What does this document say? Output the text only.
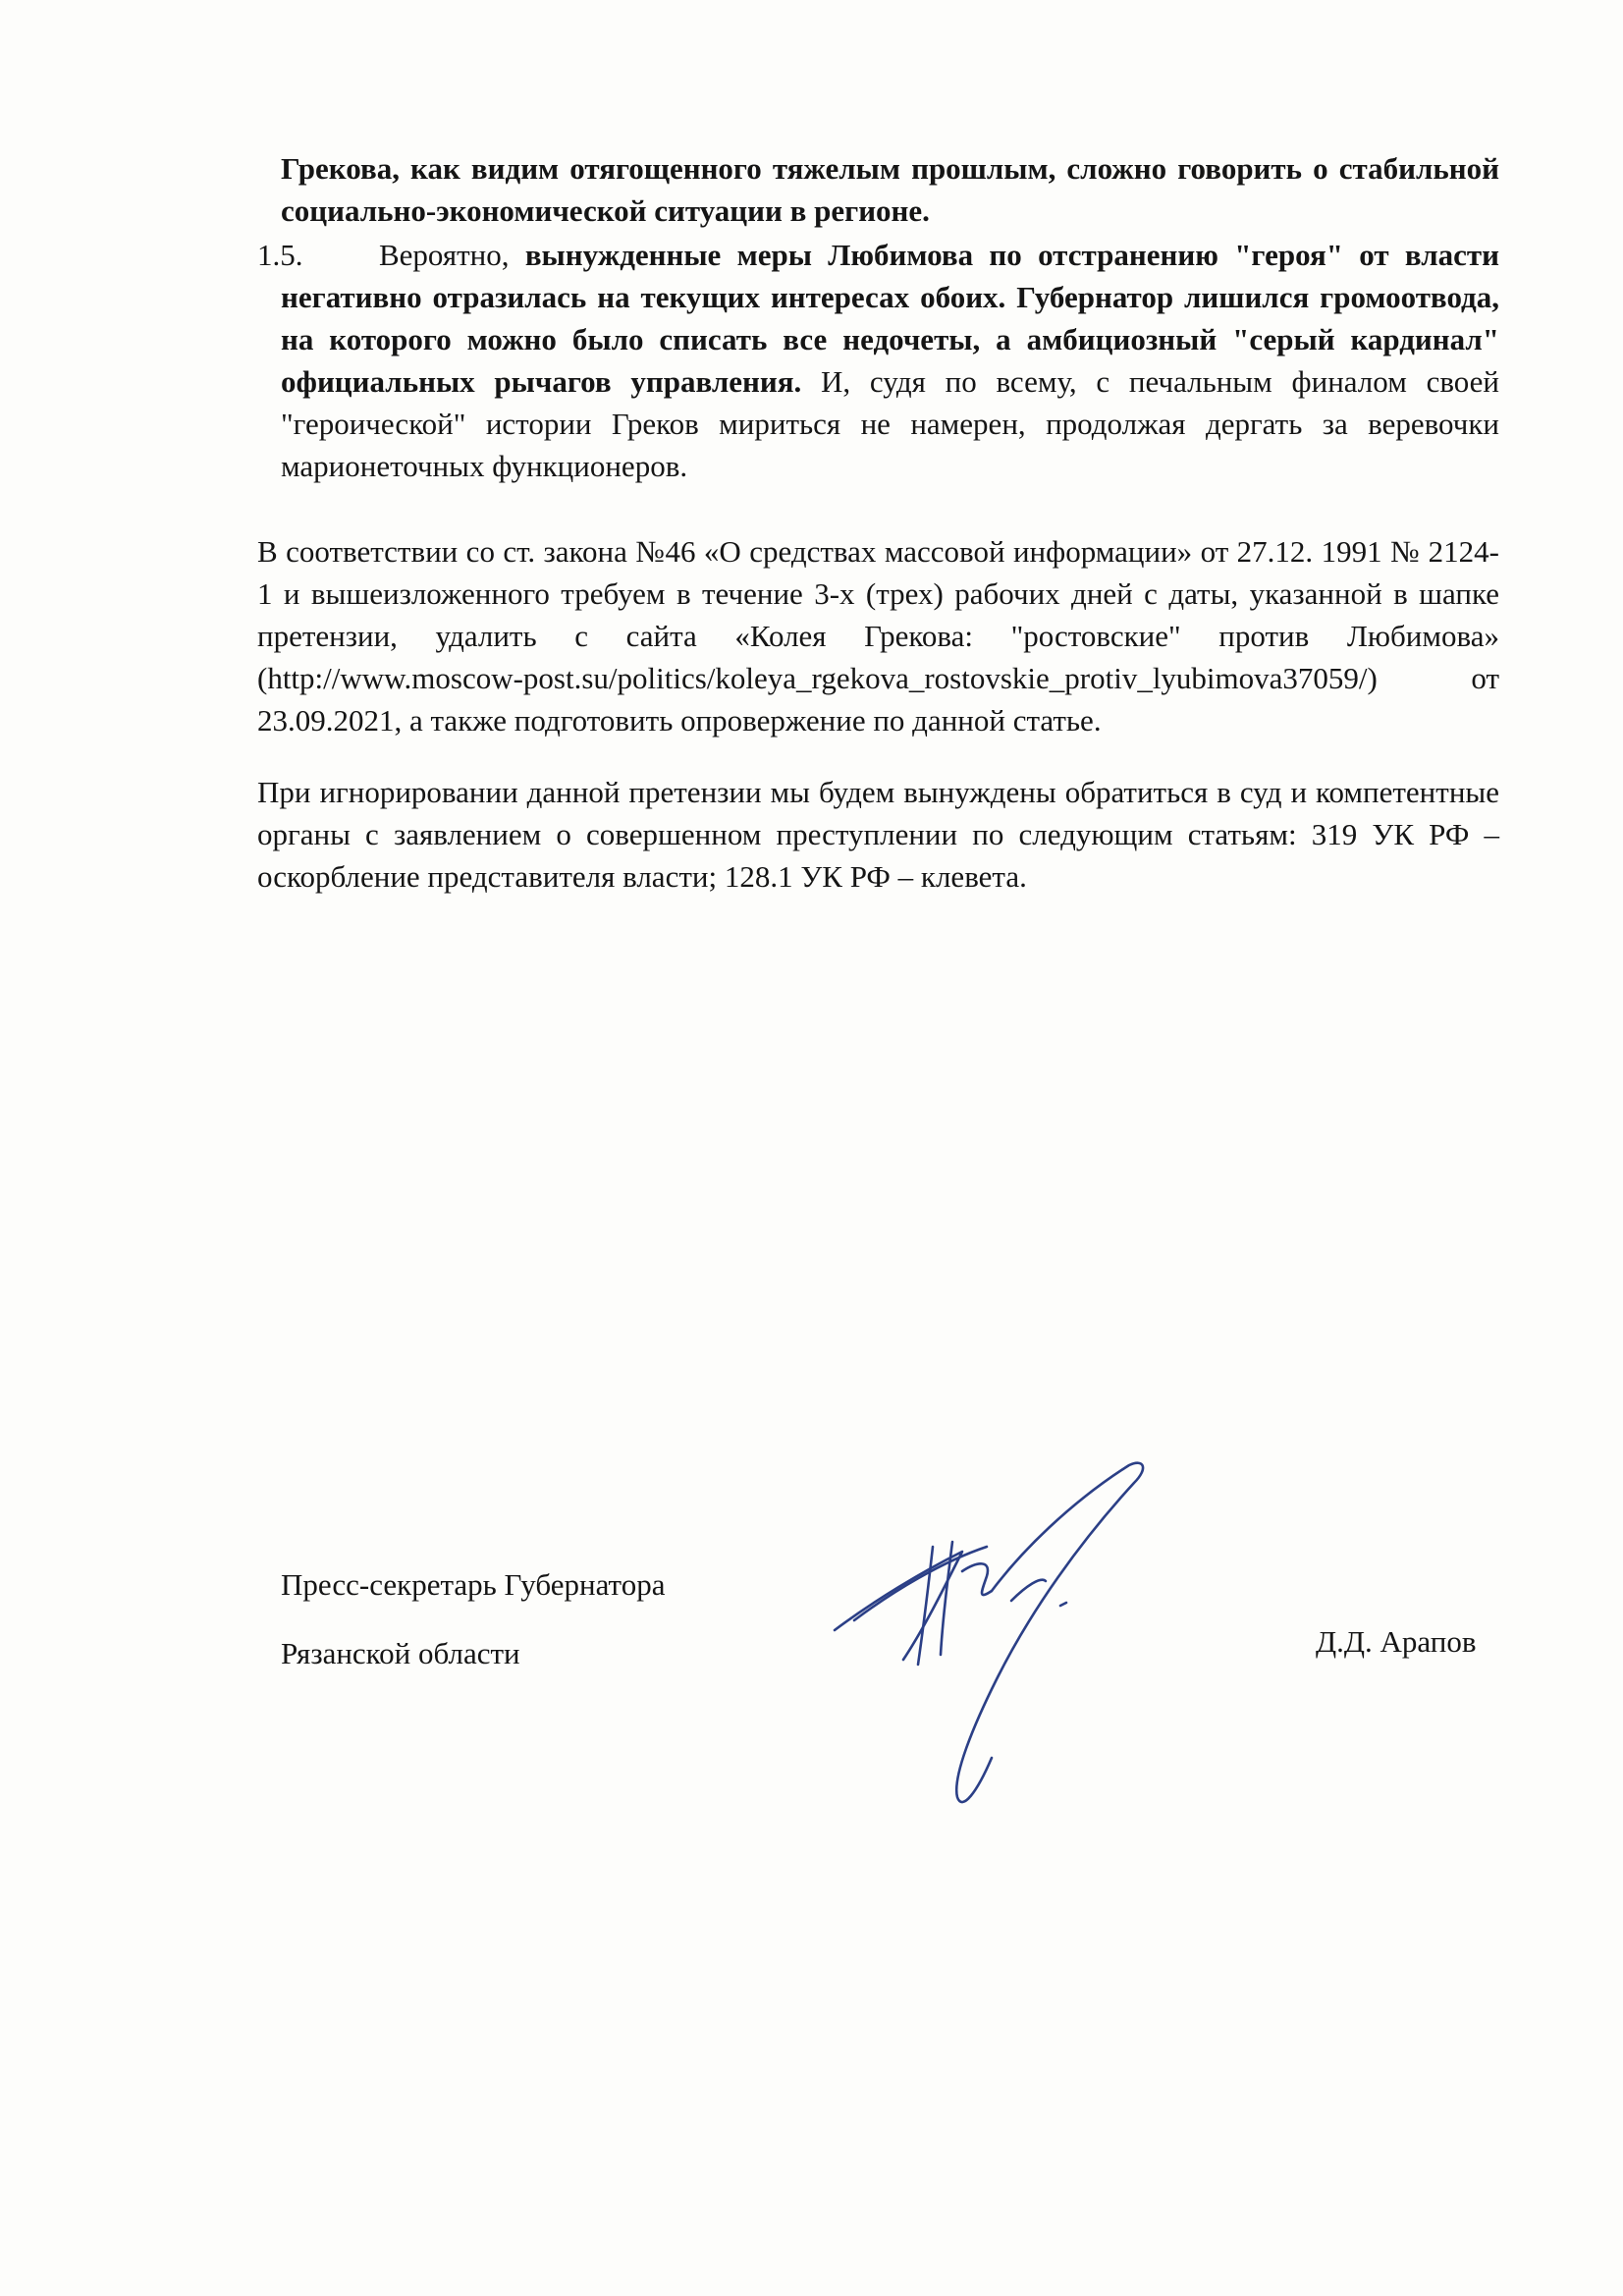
Грекова, как видим отягощенного тяжелым прошлым, сложно говорить о стабильной социально-экономической ситуации в регионе.
1.5.	Вероятно, вынужденные меры Любимова по отстранению "героя" от власти негативно отразилась на текущих интересах обоих. Губернатор лишился громоотвода, на которого можно было списать все недочеты, а амбициозный "серый кардинал" официальных рычагов управления. И, судя по всему, с печальным финалом своей "героической" истории Греков мириться не намерен, продолжая дергать за веревочки марионеточных функционеров.
В соответствии со ст. закона №46 «О средствах массовой информации» от 27.12. 1991 № 2124-1 и вышеизложенного требуем в течение 3-х (трех) рабочих дней с даты, указанной в шапке претензии, удалить с сайта «Колея Грекова: "ростовские" против Любимова» (http://www.moscow-post.su/politics/koleya_rgekova_rostovskie_protiv_lyubimova37059/) от 23.09.2021, а также подготовить опровержение по данной статье.
При игнорировании данной претензии мы будем вынуждены обратиться в суд и компетентные органы с заявлением о совершенном преступлении по следующим статьям: 319 УК РФ – оскорбление представителя власти; 128.1 УК РФ – клевета.
Пресс-секретарь Губернатора
Рязанской области	Д.Д. Арапов
